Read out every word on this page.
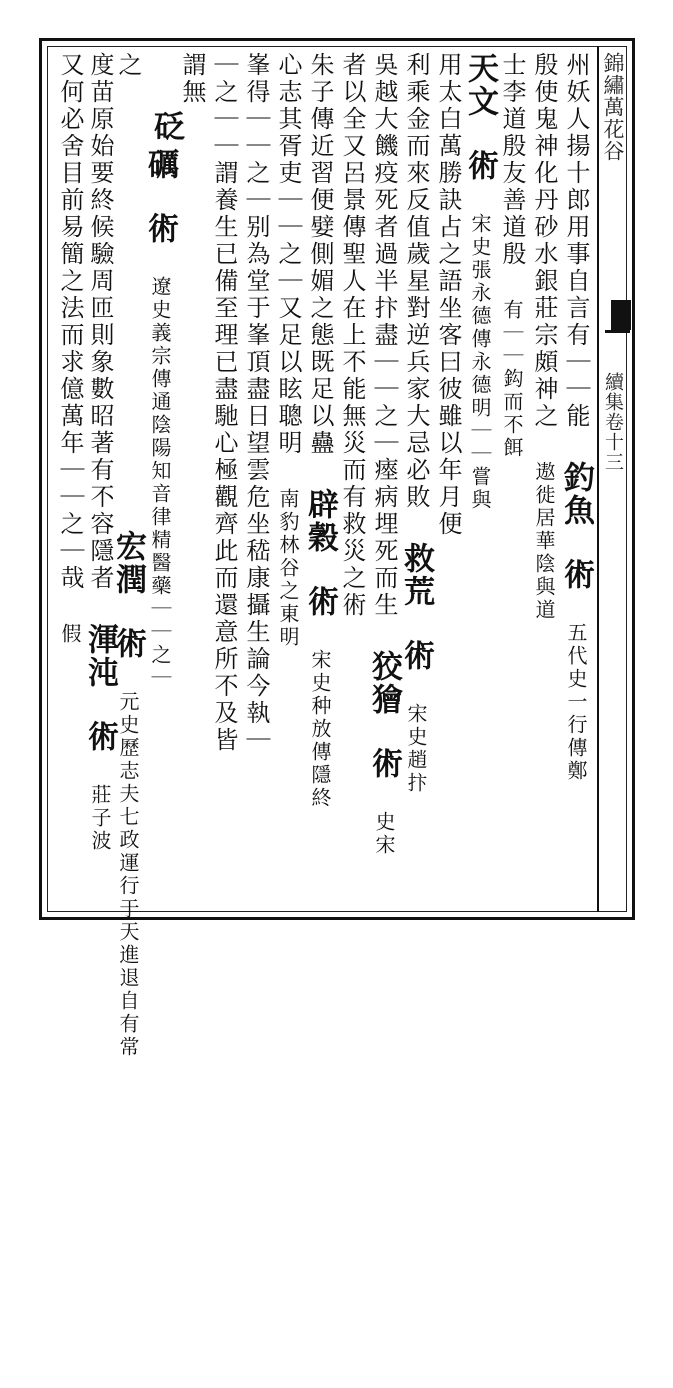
錦繡萬花谷
續集卷十三
州妖人揚十郎用事自言有｜｜能 釣魚 術 五代史一行傳鄭
殷使鬼神化丹砂水銀莊宗頗神之 遨徙居華陰與道
士李道殷友善道殷 有｜｜鈎而不餌
天文 術 宋史張永德傳永德明｜｜嘗與
用太白萬勝訣占之語坐客曰彼雖以年月便
利乘金而來反值歲星對逆兵家大忌必敗 救荒 術 宋史趙抃
吳越大饑疫死者過半抃盡｜｜之｜瘞病埋死而生 狡獪 術 史宋
者以全又呂景傳聖人在上不能無災而有救災之術
朱子傳近習便嬖側媚之態既足以蠱 辟穀 術 宋史种放傳隱終
心志其胥吏｜｜之｜又足以眩聰明 南豹林谷之東明
峯得｜｜之｜别為堂于峯頂盡日望雲危坐嵇康攝生論今執｜
｜之｜｜謂養生已備至理已盡馳心極觀齊此而還意所不及皆
謂無
砭
礪 術 遼史義宗傳通陰陽知音律精醫藥｜｜之｜
之
宏潤 術 元史歷志夫七政運行于天進退自有常
度苗原始要終候驗周匝則象數昭著有不容隱者 渾沌 術 莊子波
又何必舍目前易簡之法而求億萬年｜｜之｜哉 假
